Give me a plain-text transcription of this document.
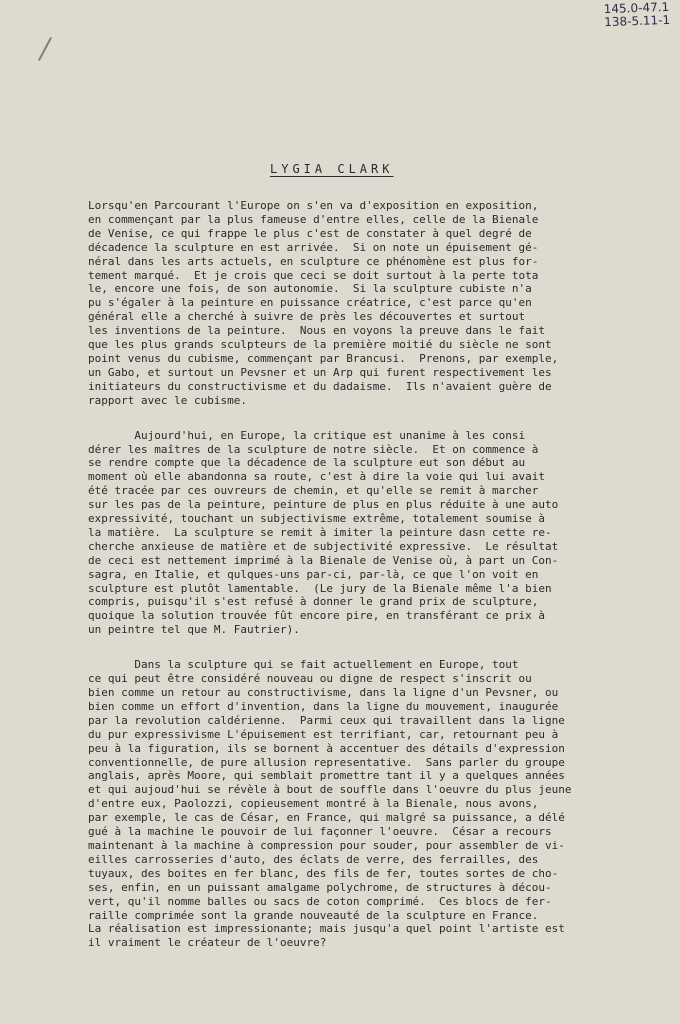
145.0-47.1
138-5.11-1
LYGIA CLARK
Lorsqu'en Parcourant l'Europe on s'en va d'exposition en exposition,
en commençant par la plus fameuse d'entre elles, celle de la Bienale
de Venise, ce qui frappe le plus c'est de constater à quel degré de
décadence la sculpture en est arrivée.  Si on note un épuisement gé-
néral dans les arts actuels, en sculpture ce phénomène est plus for-
tement marqué.  Et je crois que ceci se doit surtout à la perte tota
le, encore une fois, de son autonomie.  Si la sculpture cubiste n'a
pu s'égaler à la peinture en puissance créatrice, c'est parce qu'en
général elle a cherché à suivre de près les découvertes et surtout
les inventions de la peinture.  Nous en voyons la preuve dans le fait
que les plus grands sculpteurs de la première moitié du siècle ne sont
point venus du cubisme, commençant par Brancusi.  Prenons, par exemple,
un Gabo, et surtout un Pevsner et un Arp qui furent respectivement les
initiateurs du constructivisme et du dadaisme.  Ils n'avaient guère de
rapport avec le cubisme.
Aujourd'hui, en Europe, la critique est unanime à les consi
dérer les maîtres de la sculpture de notre siècle.  Et on commence à
se rendre compte que la décadence de la sculpture eut son début au
moment où elle abandonna sa route, c'est à dire la voie qui lui avait
été tracée par ces ouvreurs de chemin, et qu'elle se remit à marcher
sur les pas de la peinture, peinture de plus en plus réduite à une auto
expressivité, touchant un subjectivisme extrême, totalement soumise à
la matière.  La sculpture se remit à imiter la peinture dasn cette re-
cherche anxieuse de matière et de subjectivité expressive.  Le résultat
de ceci est nettement imprimé à la Bienale de Venise où, à part un Con-
sagra, en Italie, et qulques-uns par-ci, par-là, ce que l'on voit en
sculpture est plutôt lamentable.  (Le jury de la Bienale même l'a bien
compris, puisqu'il s'est refusé à donner le grand prix de sculpture,
quoique la solution trouvée fût encore pire, en transférant ce prix à
un peintre tel que M. Fautrier).
Dans la sculpture qui se fait actuellement en Europe, tout
ce qui peut être considéré nouveau ou digne de respect s'inscrit ou
bien comme un retour au constructivisme, dans la ligne d'un Pevsner, ou
bien comme un effort d'invention, dans la ligne du mouvement, inaugurée
par la revolution caldérienne.  Parmi ceux qui travaillent dans la ligne
du pur expressivisme L'épuisement est terrifiant, car, retournant peu à
peu à la figuration, ils se bornent à accentuer des détails d'expression
conventionnelle, de pure allusion representative.  Sans parler du groupe
anglais, après Moore, qui semblait promettre tant il y a quelques années
et qui aujoud'hui se révèle à bout de souffle dans l'oeuvre du plus jeune
d'entre eux, Paolozzi, copieusement montré à la Bienale, nous avons,
par exemple, le cas de César, en France, qui malgré sa puissance, a délé
gué à la machine le pouvoir de lui façonner l'oeuvre.  César a recours
maintenant à la machine à compression pour souder, pour assembler de vi-
eilles carrosseries d'auto, des éclats de verre, des ferrailles, des
tuyaux, des boites en fer blanc, des fils de fer, toutes sortes de cho-
ses, enfin, en un puissant amalgame polychrome, de structures à décou-
vert, qu'il nomme balles ou sacs de coton comprimé.  Ces blocs de fer-
raille comprimée sont la grande nouveauté de la sculpture en France.
La réalisation est impressionante; mais jusqu'a quel point l'artiste est
il vraiment le créateur de l'oeuvre?
